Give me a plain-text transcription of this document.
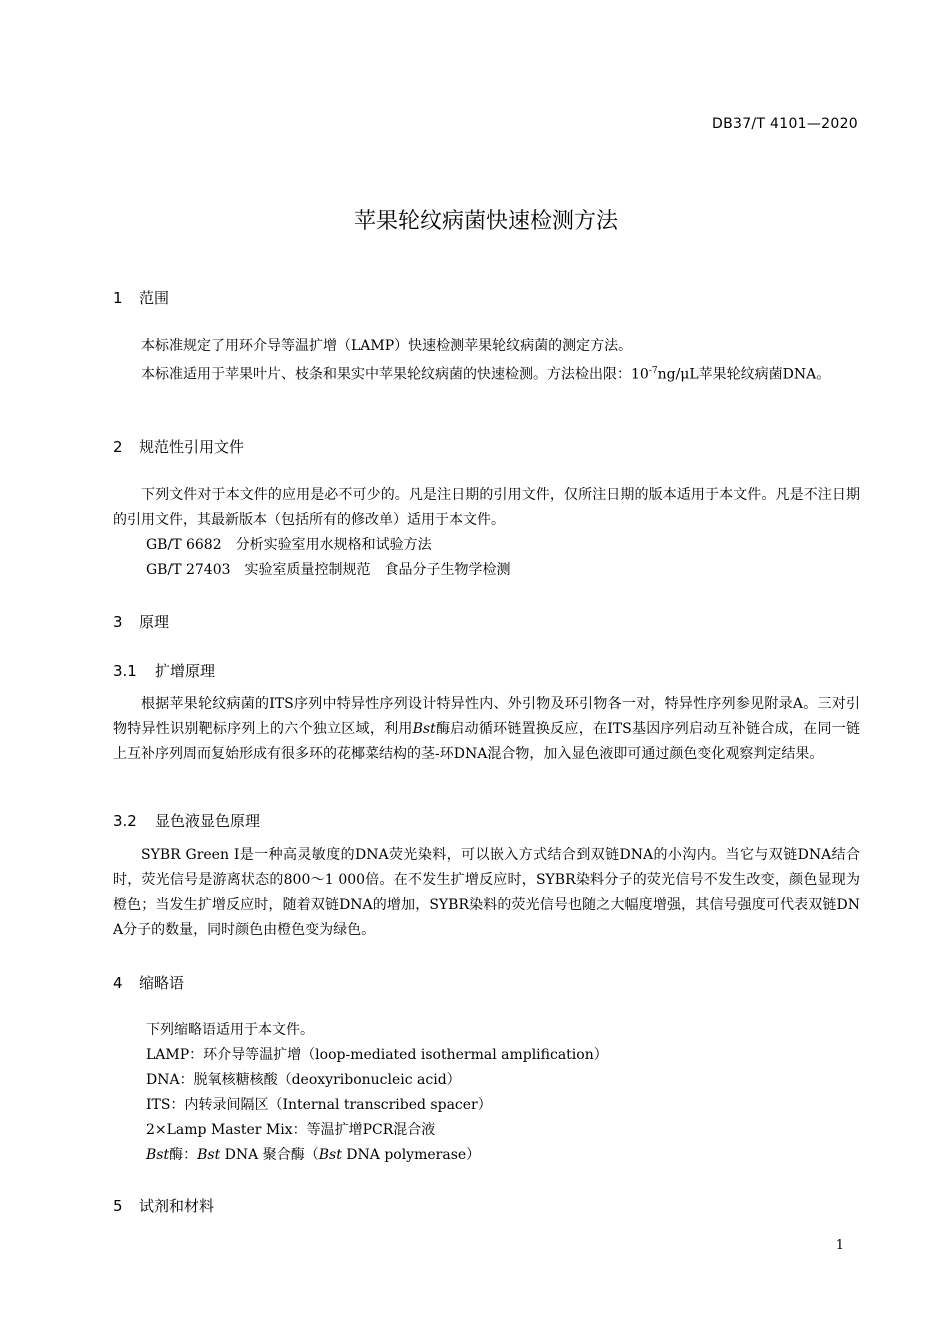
DB37/T 4101—2020
苹果轮纹病菌快速检测方法
1 范围
本标准规定了用环介导等温扩增（LAMP）快速检测苹果轮纹病菌的测定方法。
本标准适用于苹果叶片、枝条和果实中苹果轮纹病菌的快速检测。方法检出限：$10^{-7}ng/\mu L$苹果轮纹病菌DNA。
2 规范性引用文件
下列文件对于本文件的应用是必不可少的。凡是注日期的引用文件，仅所注日期的版本适用于本文件。凡是不注日期的引用文件，其最新版本（包括所有的修改单）适用于本文件。
GB/T 6682 分析实验室用水规格和试验方法
GB/T 27403 实验室质量控制规范　食品分子生物学检测
3 原理
3.1 扩增原理
根据苹果轮纹病菌的ITS序列中特异性序列设计特异性内、外引物及环引物各一对，特异性序列参见附录A。三对引物特异性识别靶标序列上的六个独立区域，利用Bst酶启动循环链置换反应，在ITS基因序列启动互补链合成，在同一链上互补序列周而复始形成有很多环的花椰菜结构的茎-环DNA混合物，加入显色液即可通过颜色变化观察判定结果。
3.2 显色液显色原理
SYBR Green I是一种高灵敏度的DNA荧光染料，可以嵌入方式结合到双链DNA的小沟内。当它与双链DNA结合时，荧光信号是游离状态的800～1 000倍。在不发生扩增反应时，SYBR染料分子的荧光信号不发生改变，颜色显现为橙色；当发生扩增反应时，随着双链DNA的增加，SYBR染料的荧光信号也随之大幅度增强，其信号强度可代表双链DNA分子的数量，同时颜色由橙色变为绿色。
4 缩略语
下列缩略语适用于本文件。
LAMP：环介导等温扩增（loop-mediated isothermal amplification）
DNA：脱氧核糖核酸（deoxyribonucleic acid）
ITS：内转录间隔区（Internal transcribed spacer）
2×Lamp Master Mix：等温扩增PCR混合液
Bst酶：Bst DNA 聚合酶（Bst DNA polymerase）
5 试剂和材料
1
